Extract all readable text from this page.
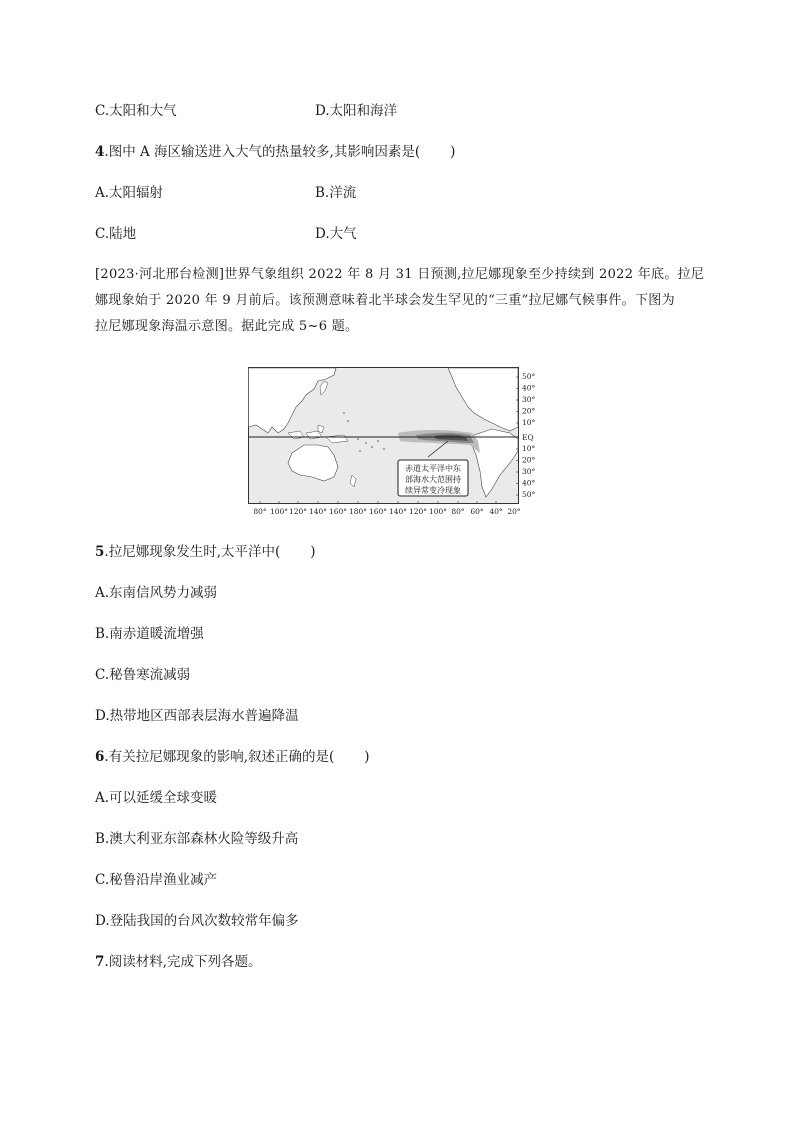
C.太阳和大气	D.太阳和海洋
4.图中 A 海区输送进入大气的热量较多,其影响因素是( )
A.太阳辐射	B.洋流
C.陆地	D.大气
[2023·河北邢台检测]世界气象组织 2022 年 8 月 31 日预测,拉尼娜现象至少持续到 2022 年底。拉尼
娜现象始于 2020 年 9 月前后。该预测意味着北半球会发生罕见的“三重”拉尼娜气候事件。下图为
拉尼娜现象海温示意图。据此完成 5~6 题。
赤道太平洋中东
部海水大范围持
续异常变冷现象
50°
40°
30°
20°
10°
EQ
10°
20°
30°
40°
50°
80° 100° 120° 140° 160° 180° 160° 140° 120° 100° 80° 60° 40° 20°
5.拉尼娜现象发生时,太平洋中( )
A.东南信风势力减弱
B.南赤道暖流增强
C.秘鲁寒流减弱
D.热带地区西部表层海水普遍降温
6.有关拉尼娜现象的影响,叙述正确的是( )
A.可以延缓全球变暖
B.澳大利亚东部森林火险等级升高
C.秘鲁沿岸渔业减产
D.登陆我国的台风次数较常年偏多
7.阅读材料,完成下列各题。
